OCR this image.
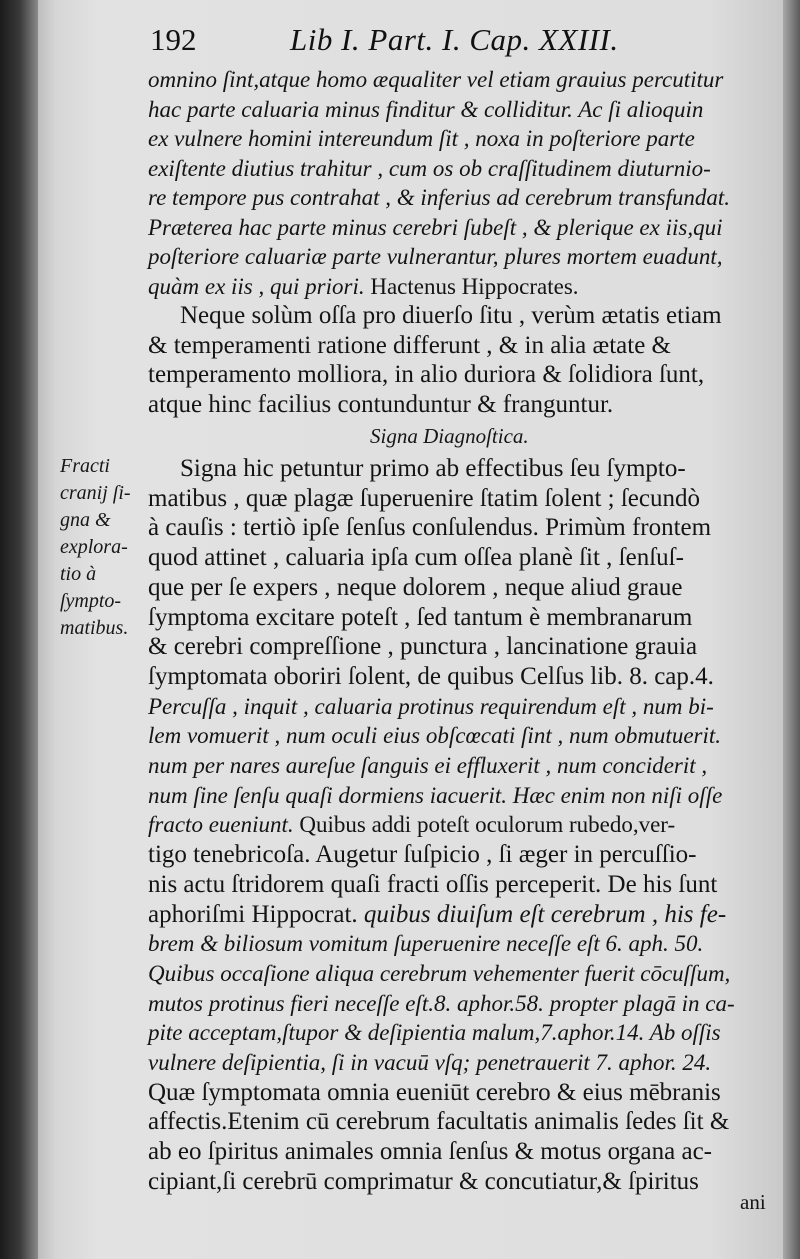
192	Lib I. Part. I. Cap. XXIII.
omnino ſint,atque homo æqualiter vel etiam grauius percutitur
hac parte caluaria minus finditur & colliditur. Ac ſi alioquin
ex vulnere homini intereundum ſit , noxa in poſteriore parte
exiſtente diutius trahitur , cum os ob craſſitudinem diuturnio-
re tempore pus contrahat , & inferius ad cerebrum transfundat.
Præterea hac parte minus cerebri ſubeſt , & plerique ex iis,qui
poſteriore caluariæ parte vulnerantur, plures mortem euadunt,
quàm ex iis , qui priori. Hactenus Hippocrates.
Neque solùm oſſa pro diuerſo ſitu , verùm ætatis etiam
& temperamenti ratione differunt , & in alia ætate &
temperamento molliora, in alio duriora & ſolidiora ſunt,
atque hinc facilius contunduntur & franguntur.
Signa Diagnoſtica.
Signa hic petuntur primo ab effectibus ſeu ſympto-
matibus , quæ plagæ ſuperuenire ſtatim ſolent ; ſecundò
à cauſis : tertiò ipſe ſenſus conſulendus. Primùm frontem
quod attinet , caluaria ipſa cum oſſea planè ſit , ſenſuſ-
que per ſe expers , neque dolorem , neque aliud graue
ſymptoma excitare poteſt , ſed tantum è membranarum
& cerebri compreſſione , punctura , lancinatione grauia
ſymptomata oboriri ſolent, de quibus Celſus lib. 8. cap.4.
Percuſſa , inquit , caluaria protinus requirendum eſt , num bi-
lem vomuerit , num oculi eius obſcœcati ſint , num obmutuerit.
num per nares aureſue ſanguis ei effluxerit , num conciderit ,
num ſine ſenſu quaſi dormiens iacuerit. Hæc enim non niſi oſſe
fracto eueniunt. Quibus addi poteſt oculorum rubedo,ver-
tigo tenebricoſa. Augetur ſuſpicio , ſi æger in percuſſio-
nis actu ſtridorem quaſi fracti oſſis perceperit. De his ſunt
aphoriſmi Hippocrat. quibus diuiſum eſt cerebrum , his fe-
brem & biliosum vomitum ſuperuenire neceſſe eſt 6. aph. 50.
Quibus occaſione aliqua cerebrum vehementer fuerit cōcuſſum,
mutos protinus fieri neceſſe eſt.8. aphor.58. propter plagā in ca-
pite acceptam,ſtupor & deſipientia malum,7.aphor.14. Ab oſſis
vulnere deſipientia, ſi in vacuū vſq; penetrauerit 7. aphor. 24.
Quæ ſymptomata omnia eueniūt cerebro & eius mēbranis
affectis.Etenim cū cerebrum facultatis animalis ſedes ſit &
ab eo ſpiritus animales omnia ſenſus & motus organa ac-
cipiant,ſi cerebrū comprimatur & concutiatur,& ſpiritus
Fracti
cranij ſi-
gna &
explora-
tio à
ſympto-
matibus.
ani
